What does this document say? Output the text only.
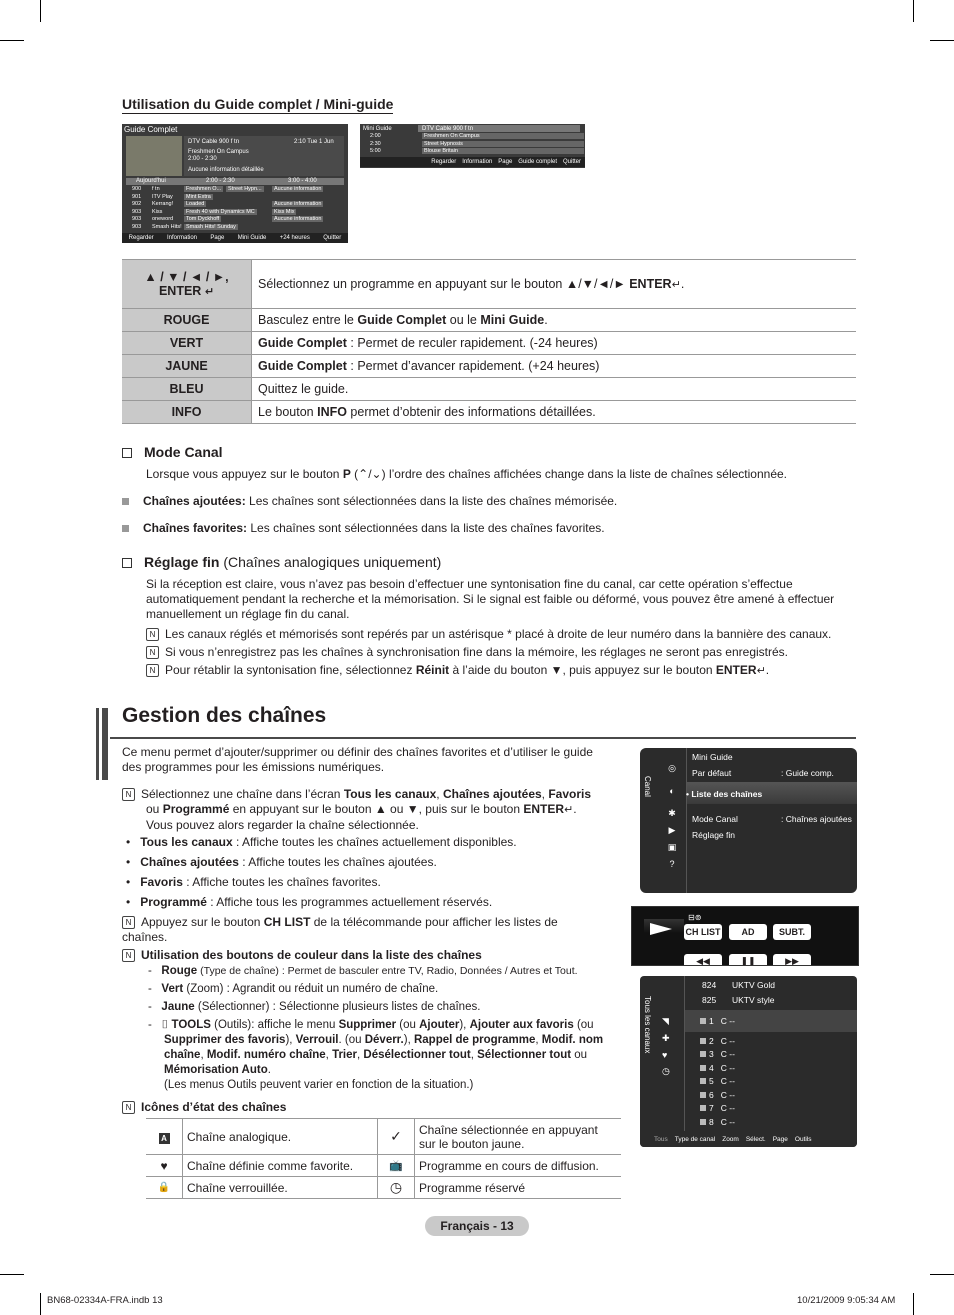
Utilisation du Guide complet / Mini-guide
Guide Complet
DTV Cable 900 f tn	2:10 Tue 1 Jun
Freshmen On Campus
2:00 - 2:30
Aucune information détaillée
Aujourd'hui	2:00 - 2:30	3:00 - 4:00
900 f tn	Freshmen O...	Street Hypn...	Aucune information
901 ITV Play	Mint Extra
902 Kerrang!	Loaded	Aucune information
903 Kiss	Fresh 40 with Dynamics MC	Kiss Mix
903 oneword	Tom Dyckhoff	Aucune information
903 Smash Hits! Smash Hits! Sunday
Regarder Information Page Mini Guide +24 heures Quitter
Mini Guide	DTV Cable 900 f tn
2:00	Freshmen On Campus
2:30	Street Hypnosis
5:00	Blouse Britain
Regarder Information Page Guide complet Quitter
▲ / ▼ / ◄ / ►, ENTER ↵	Sélectionnez un programme en appuyant sur le bouton ▲/▼/◄/► ENTER↵.
ROUGE	Basculez entre le Guide Complet ou le Mini Guide.
VERT	Guide Complet : Permet de reculer rapidement. (-24 heures)
JAUNE	Guide Complet : Permet d’avancer rapidement. (+24 heures)
BLEU	Quittez le guide.
INFO	Le bouton INFO permet d’obtenir des informations détaillées.
Mode Canal
Lorsque vous appuyez sur le bouton P (⌃/⌄) l’ordre des chaînes affichées change dans la liste de chaînes sélectionnée.
Chaînes ajoutées: Les chaînes sont sélectionnées dans la liste des chaînes mémorisée.
Chaînes favorites: Les chaînes sont sélectionnées dans la liste des chaînes favorites.
Réglage fin (Chaînes analogiques uniquement)
Si la réception est claire, vous n’avez pas besoin d’effectuer une syntonisation fine du canal, car cette opération s’effectue automatiquement pendant la recherche et la mémorisation. Si le signal est faible ou déformé, vous pouvez être amené à effectuer manuellement un réglage fin du canal.
N Les canaux réglés et mémorisés sont repérés par un astérisque * placé à droite de leur numéro dans la bannière des canaux.
N Si vous n’enregistrez pas les chaînes à synchronisation fine dans la mémoire, les réglages ne seront pas enregistrés.
N Pour rétablir la syntonisation fine, sélectionnez Réinit à l’aide du bouton ▼, puis appuyez sur le bouton ENTER↵.
Gestion des chaînes
Ce menu permet d’ajouter/supprimer ou définir des chaînes favorites et d’utiliser le guide des programmes pour les émissions numériques.
N Sélectionnez une chaîne dans l’écran Tous les canaux, Chaînes ajoutées, Favoris
ou Programmé en appuyant sur le bouton ▲ ou ▼, puis sur le bouton ENTER↵.
Vous pouvez alors regarder la chaîne sélectionnée.
•   Tous les canaux : Affiche toutes les chaînes actuellement disponibles.
•   Chaînes ajoutées : Affiche toutes les chaînes ajoutées.
•   Favoris : Affiche toutes les chaînes favorites.
•   Programmé : Affiche tous les programmes actuellement réservés.
N Appuyez sur le bouton CH LIST de la télécommande pour afficher les listes de chaînes.
N Utilisation des boutons de couleur dans la liste des chaînes
-   Rouge (Type de chaîne) : Permet de basculer entre TV, Radio, Données / Autres et Tout.
-   Vert (Zoom) : Agrandit ou réduit un numéro de chaîne.
-   Jaune (Sélectionner) : Sélectionne plusieurs listes de chaînes.
-   ⌷ TOOLS (Outils): affiche le menu Supprimer (ou Ajouter), Ajouter aux favoris (ou Supprimer des favoris), Verrouil. (ou Déverr.), Rappel de programme, Modif. nom chaîne, Modif. numéro chaîne, Trier, Désélectionner tout, Sélectionner tout ou Mémorisation Auto.
(Les menus Outils peuvent varier en fonction de la situation.)
N Icônes d’état des chaînes
A	Chaîne analogique.	✓	Chaîne sélectionnée en appuyant sur le bouton jaune.
♥	Chaîne définie comme favorite.	📺	Programme en cours de diffusion.
🔒	Chaîne verrouillée.	◷	Programme réservé
Canal
◎
◐
✱
▶
▣
?
Mini Guide
Par défaut	: Guide comp.
• Liste des chaînes
Mode Canal	: Chaînes ajoutées
Réglage fin
⊟⊚
CH LIST	AD	SUBT.
◀◀	❚❚	▶▶
Tous les canaux ◥
✚
♥
◷
824 UKTV Gold
825 UKTV style
1   C --
2   C --
3   C --
4   C --
5   C --
6   C --
7   C --
8   C --
Tous Type de canal Zoom Sélect. Page Outils
Français - 13
BN68-02334A-FRA.indb 13	10/21/2009 9:05:34 AM
